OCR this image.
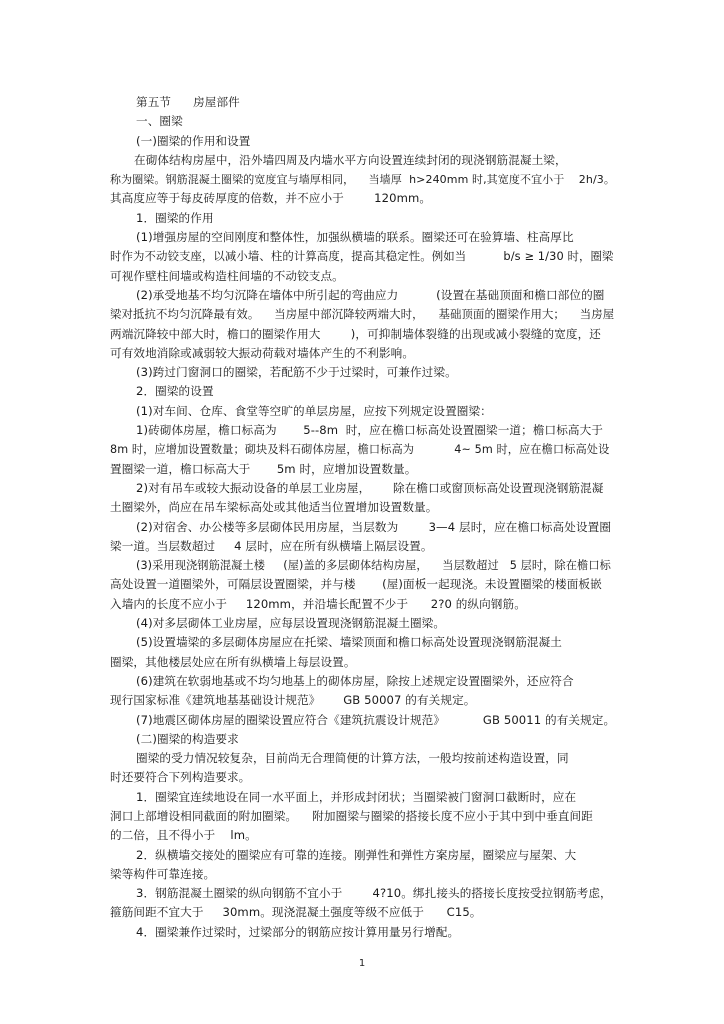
第五节 房屋部件
一、圈梁
(一)圈梁的作用和设置
在砌体结构房屋中，沿外墙四周及内墙水平方向设置连续封闭的现浇钢筋混凝土梁，
称为圈梁。钢筋混凝土圈梁的宽度宜与墙厚相同，    当墙厚  h>240mm 时,其宽度不宜小于    2h/3。
其高度应等于每皮砖厚度的倍数，并不应小于        120mm。
1．圈梁的作用
(1)增强房屋的空间刚度和整体性，加强纵横墙的联系。圈梁还可在验算墙、柱高厚比
时作为不动铰支座，以减小墙、柱的计算高度，提高其稳定性。例如当          b/s ≥ 1/30 时，圈梁
可视作壁柱间墙或构造柱间墙的不动铰支点。
(2)承受地基不均匀沉降在墙体中所引起的弯曲应力          (设置在基础顶面和檐口部位的圈
梁对抵抗不均匀沉降最有效。    当房屋中部沉降较两端大时，    基础顶面的圈梁作用大；    当房屋
两端沉降较中部大时，檐口的圈梁作用大        )，可抑制墙体裂缝的出现或减小裂缝的宽度，还
可有效地消除或减弱较大振动荷载对墙体产生的不利影响。
(3)跨过门窗洞口的圈梁，若配筋不少于过梁时，可兼作过梁。
2．圈梁的设置
(1)对车间、仓库、食堂等空旷的单层房屋，应按下列规定设置圈梁：
1)砖砌体房屋，檐口标高为       5--8m  时，应在檐口标高处设置圈梁一道；檐口标高大于
8m 时，应增加设置数量；砌块及料石砌体房屋，檐口标高为           4~ 5m 时，应在檐口标高处设
置圈梁一道，檐口标高大于       5m 时，应增加设置数量。
2)对有吊车或较大振动设备的单层工业房屋，      除在檐口或窗顶标高处设置现浇钢筋混凝
土圈梁外，尚应在吊车梁标高处或其他适当位置增加设置数量。
(2)对宿舍、办公楼等多层砌体民用房屋，当层数为        3—4 层时，应在檐口标高处设置圈
梁一道。当层数超过     4 层时，应在所有纵横墙上隔层设置。
(3)采用现浇钢筋混凝土楼     (屋)盖的多层砌体结构房屋，    当层数超过   5 层时，除在檐口标
高处设置一道圈梁外，可隔层设置圈梁，并与楼       (屋)面板一起现浇。未设置圈梁的楼面板嵌
入墙内的长度不应小于     120mm，并沿墙长配置不少于      2?0 的纵向钢筋。
(4)对多层砌体工业房屋，应每层设置现浇钢筋混凝土圈梁。
(5)设置墙梁的多层砌体房屋应在托梁、墙梁顶面和檐口标高处设置现浇钢筋混凝土
圈梁，其他楼层处应在所有纵横墙上每层设置。
(6)建筑在软弱地基或不均匀地基上的砌体房屋，除按上述规定设置圈梁外，还应符合
现行国家标准《建筑地基基础设计规范》      GB 50007 的有关规定。
(7)地震区砌体房屋的圈梁设置应符合《建筑抗震设计规范》          GB 50011 的有关规定。
(二)圈梁的构造要求
圈梁的受力情况较复杂，目前尚无合理简便的计算方法，一般均按前述构造设置，同
时还要符合下列构造要求。
1．圈梁宜连续地设在同一水平面上，并形成封闭状；当圈梁被门窗洞口截断时，应在
洞口上部增设相同截面的附加圈梁。    附加圈梁与圈梁的搭接长度不应小于其中到中垂直间距
的二倍，且不得小于    lm。
2．纵横墙交接处的圈梁应有可靠的连接。刚弹性和弹性方案房屋，圈梁应与屋架、大
梁等构件可靠连接。
3．钢筋混凝土圈梁的纵向钢筋不宜小于        4?10。绑扎接头的搭接长度按受拉钢筋考虑，
箍筋间距不宜大于     30mm。现浇混凝土强度等级不应低于      C15。
4．圈梁兼作过梁时，过梁部分的钢筋应按计算用量另行增配。
1
